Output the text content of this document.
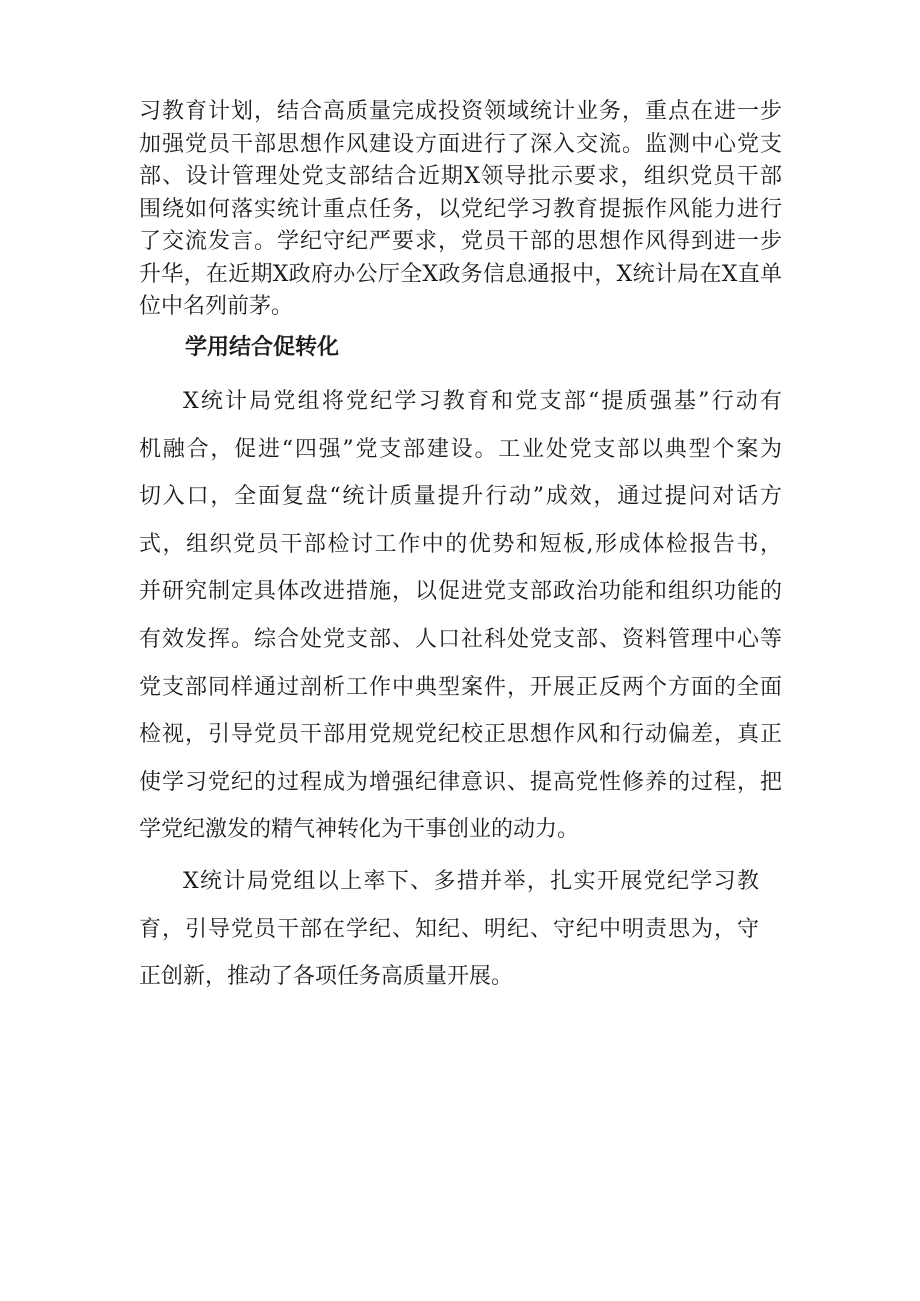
习教育计划，结合高质量完成投资领域统计业务，重点在进一步
加强党员干部思想作风建设方面进行了深入交流。监测中心党支
部、设计管理处党支部结合近期X领导批示要求，组织党员干部
围绕如何落实统计重点任务，以党纪学习教育提振作风能力进行
了交流发言。学纪守纪严要求，党员干部的思想作风得到进一步
升华，在近期X政府办公厅全X政务信息通报中，X统计局在X直单
位中名列前茅。

学用结合促转化

X统计局党组将党纪学习教育和党支部“提质强基”行动有
机融合，促进“四强”党支部建设。工业处党支部以典型个案为
切入口，全面复盘“统计质量提升行动”成效，通过提问对话方
式，组织党员干部检讨工作中的优势和短板,形成体检报告书，
并研究制定具体改进措施，以促进党支部政治功能和组织功能的
有效发挥。综合处党支部、人口社科处党支部、资料管理中心等
党支部同样通过剖析工作中典型案件，开展正反两个方面的全面
检视，引导党员干部用党规党纪校正思想作风和行动偏差，真正
使学习党纪的过程成为增强纪律意识、提高党性修养的过程，把
学党纪激发的精气神转化为干事创业的动力。

X统计局党组以上率下、多措并举，扎实开展党纪学习教
育，引导党员干部在学纪、知纪、明纪、守纪中明责思为，守
正创新，推动了各项任务高质量开展。
